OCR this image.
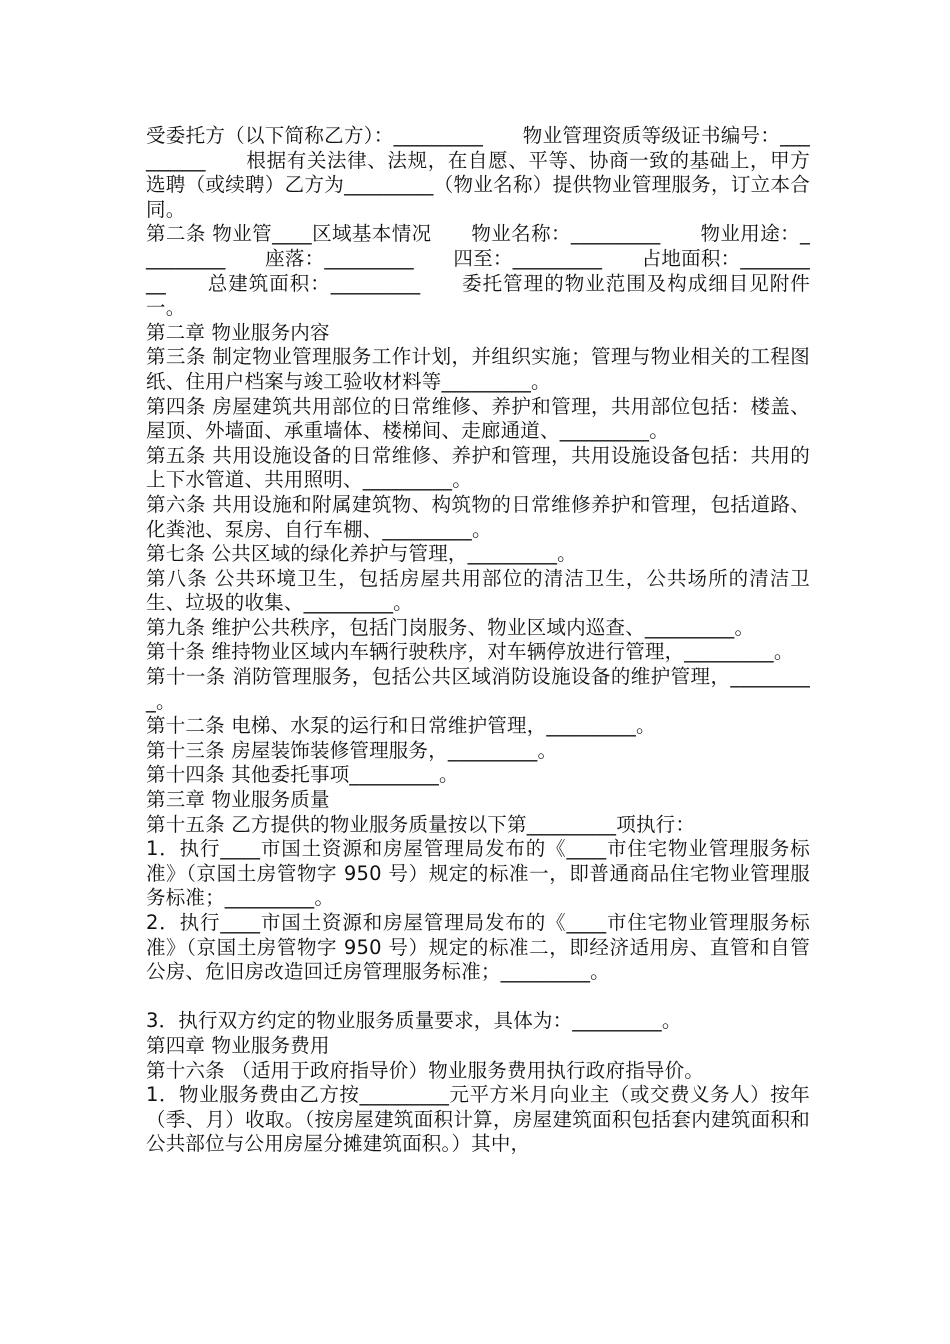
受委托方（以下简称乙方）：_________　　物业管理资质等级证书编号：_________　　根据有关法律、法规，在自愿、平等、协商一致的基础上，甲方选聘（或续聘）乙方为_________（物业名称）提供物业管理服务，订立本合同。

第二条 物业管____区域基本情况　　物业名称：_________　　物业用途：_________　　座落：_________　　四至：_________　　占地面积：_________　　总建筑面积：_________　　委托管理的物业范围及构成细目见附件一。

第二章 物业服务内容

第三条 制定物业管理服务工作计划，并组织实施；管理与物业相关的工程图纸、住用户档案与竣工验收材料等_________。

第四条 房屋建筑共用部位的日常维修、养护和管理，共用部位包括：楼盖、屋顶、外墙面、承重墙体、楼梯间、走廊通道、_________。

第五条 共用设施设备的日常维修、养护和管理，共用设施设备包括：共用的上下水管道、共用照明、_________。

第六条 共用设施和附属建筑物、构筑物的日常维修养护和管理，包括道路、化粪池、泵房、自行车棚、_________。

第七条 公共区域的绿化养护与管理，_________。

第八条 公共环境卫生，包括房屋共用部位的清洁卫生，公共场所的清洁卫生、垃圾的收集、_________。

第九条 维护公共秩序，包括门岗服务、物业区域内巡查、_________。

第十条 维持物业区域内车辆行驶秩序，对车辆停放进行管理，_________。

第十一条 消防管理服务，包括公共区域消防设施设备的维护管理，_________。

第十二条 电梯、水泵的运行和日常维护管理，_________。

第十三条 房屋装饰装修管理服务，_________。

第十四条 其他委托事项_________。

第三章 物业服务质量

第十五条 乙方提供的物业服务质量按以下第_________项执行：

1．执行____市国土资源和房屋管理局发布的《____市住宅物业管理服务标准》（京国土房管物字 950 号）规定的标准一，即普通商品住宅物业管理服务标准；_________。

2．执行____市国土资源和房屋管理局发布的《____市住宅物业管理服务标准》（京国土房管物字 950 号）规定的标准二，即经济适用房、直管和自管公房、危旧房改造回迁房管理服务标准；_________。

3．执行双方约定的物业服务质量要求，具体为：_________。

第四章 物业服务费用

第十六条 （适用于政府指导价）物业服务费用执行政府指导价。

1．物业服务费由乙方按_________元平方米月向业主（或交费义务人）按年（季、月）收取。（按房屋建筑面积计算，房屋建筑面积包括套内建筑面积和公共部位与公用房屋分摊建筑面积。）其中，
